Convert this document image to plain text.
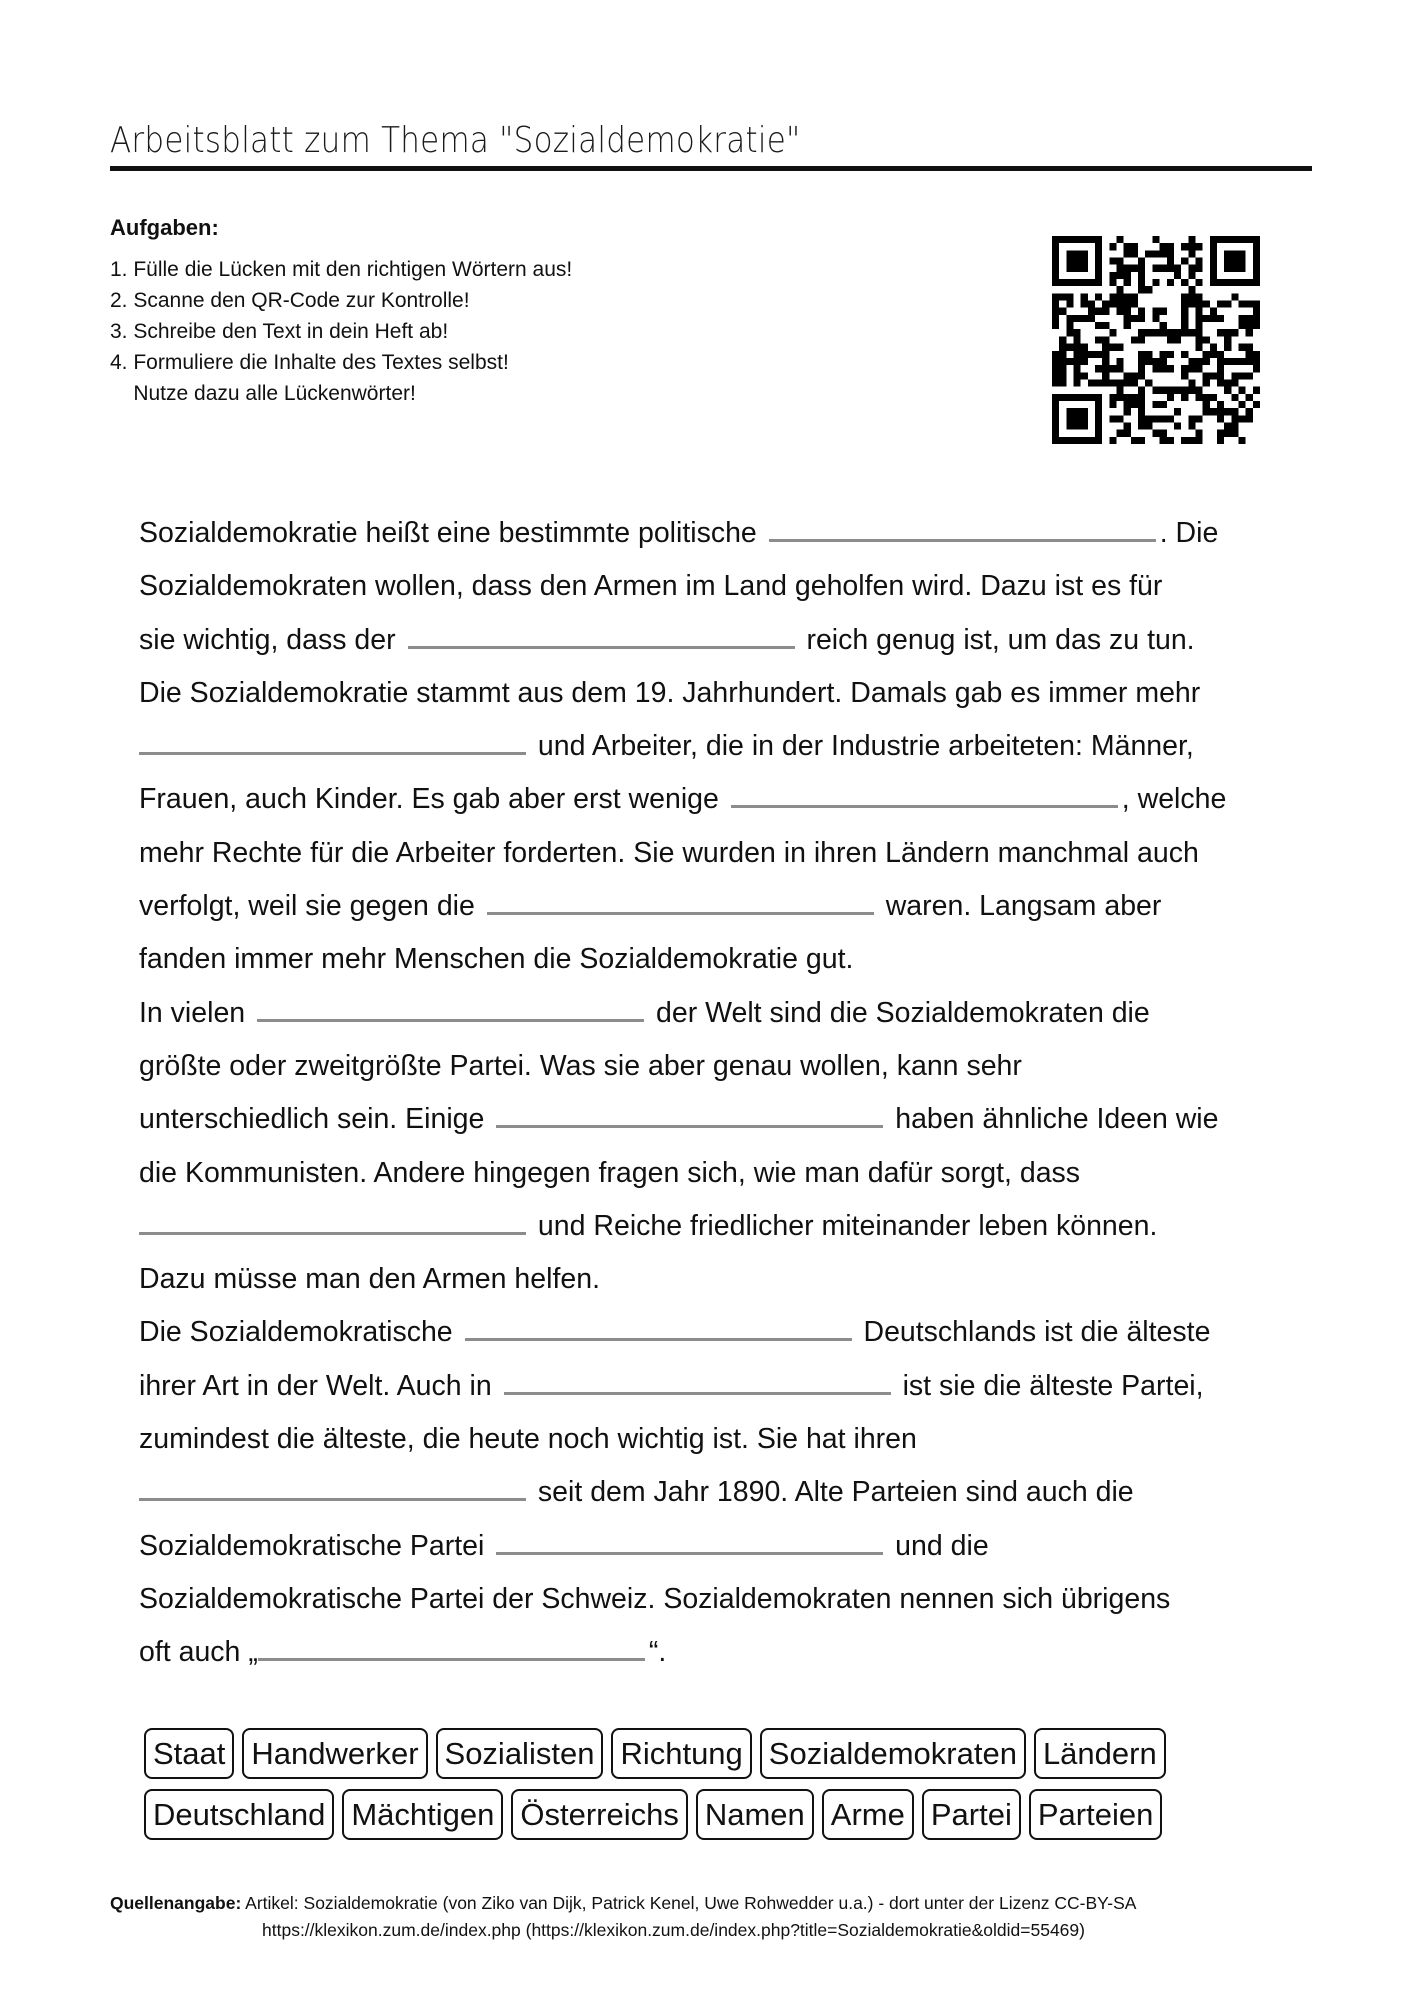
Arbeitsblatt zum Thema "Sozialdemokratie"
Aufgaben:
1. Fülle die Lücken mit den richtigen Wörtern aus!
2. Scanne den QR-Code zur Kontrolle!
3. Schreibe den Text in dein Heft ab!
4. Formuliere die Inhalte des Textes selbst!
Nutze dazu alle Lückenwörter!
Sozialdemokratie heißt eine bestimmte politische	. Die
Sozialdemokraten wollen, dass den Armen im Land geholfen wird. Dazu ist es für
sie wichtig, dass der	reich genug ist, um das zu tun.
Die Sozialdemokratie stammt aus dem 19. Jahrhundert. Damals gab es immer mehr
und Arbeiter, die in der Industrie arbeiteten: Männer,
Frauen, auch Kinder. Es gab aber erst wenige	, welche
mehr Rechte für die Arbeiter forderten. Sie wurden in ihren Ländern manchmal auch
verfolgt, weil sie gegen die	waren. Langsam aber
fanden immer mehr Menschen die Sozialdemokratie gut.
In vielen	der Welt sind die Sozialdemokraten die
größte oder zweitgrößte Partei. Was sie aber genau wollen, kann sehr
unterschiedlich sein. Einige	haben ähnliche Ideen wie
die Kommunisten. Andere hingegen fragen sich, wie man dafür sorgt, dass
und Reiche friedlicher miteinander leben können.
Dazu müsse man den Armen helfen.
Die Sozialdemokratische	Deutschlands ist die älteste
ihrer Art in der Welt. Auch in	ist sie die älteste Partei,
zumindest die älteste, die heute noch wichtig ist. Sie hat ihren
seit dem Jahr 1890. Alte Parteien sind auch die
Sozialdemokratische Partei	und die
Sozialdemokratische Partei der Schweiz. Sozialdemokraten nennen sich übrigens
oft auch „	“.
Staat Handwerker Sozialisten Richtung Sozialdemokraten Ländern
Deutschland Mächtigen Österreichs Namen Arme Partei Parteien
Quellenangabe: Artikel: Sozialdemokratie (von Ziko van Dijk, Patrick Kenel, Uwe Rohwedder u.a.) - dort unter der Lizenz CC-BY-SA
https://klexikon.zum.de/index.php (https://klexikon.zum.de/index.php?title=Sozialdemokratie&oldid=55469)
